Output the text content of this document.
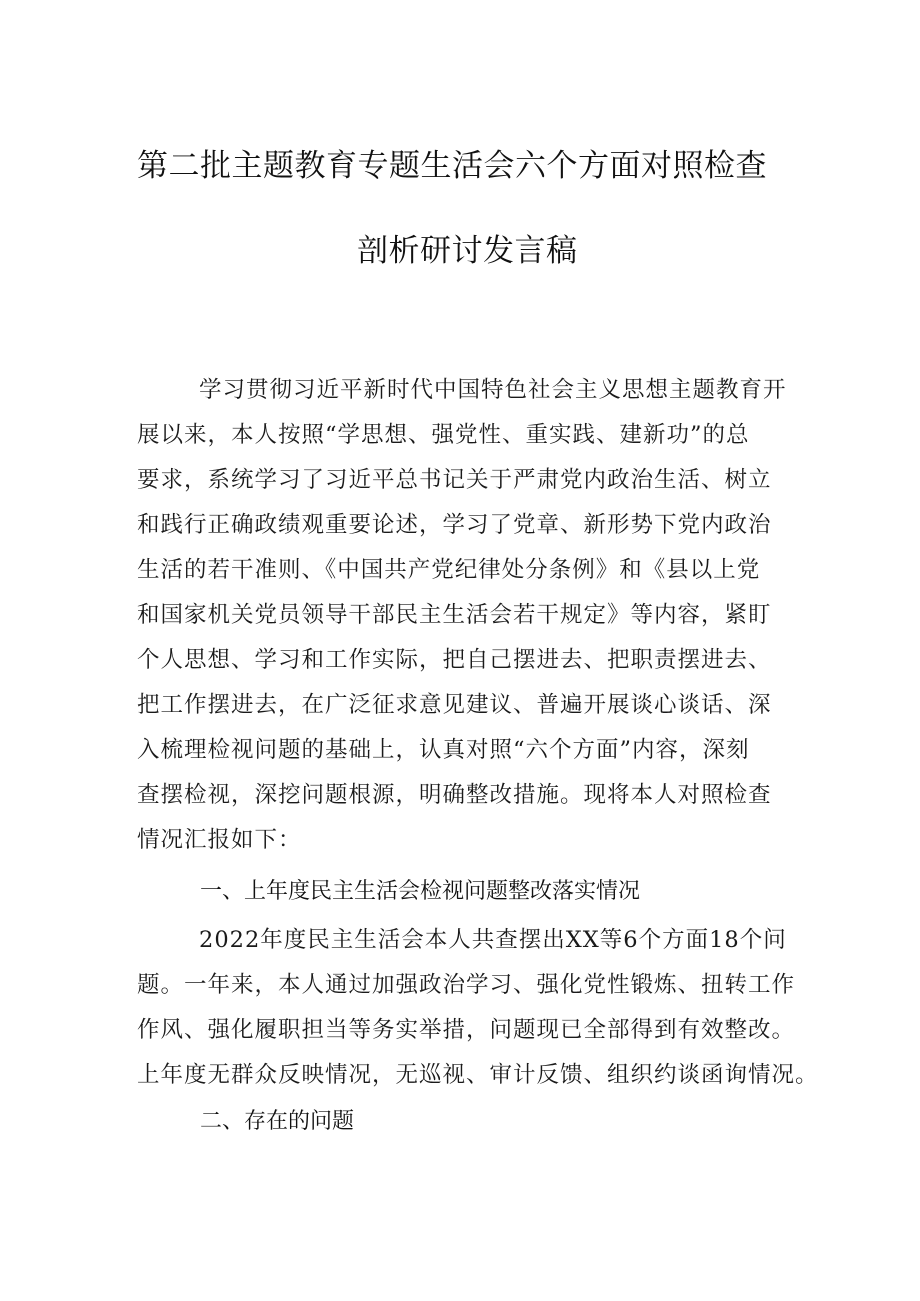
第二批主题教育专题生活会六个方面对照检查
剖析研讨发言稿
学习贯彻习近平新时代中国特色社会主义思想主题教育开
展以来，本人按照“学思想、强党性、重实践、建新功”的总
要求，系统学习了习近平总书记关于严肃党内政治生活、树立
和践行正确政绩观重要论述，学习了党章、新形势下党内政治
生活的若干准则、《中国共产党纪律处分条例》和《县以上党
和国家机关党员领导干部民主生活会若干规定》等内容，紧盯
个人思想、学习和工作实际，把自己摆进去、把职责摆进去、
把工作摆进去，在广泛征求意见建议、普遍开展谈心谈话、深
入梳理检视问题的基础上，认真对照“六个方面”内容，深刻
查摆检视，深挖问题根源，明确整改措施。现将本人对照检查
情况汇报如下：
一、上年度民主生活会检视问题整改落实情况
2022年度民主生活会本人共查摆出XX等6个方面18个问
题。一年来，本人通过加强政治学习、强化党性锻炼、扭转工作
作风、强化履职担当等务实举措，问题现已全部得到有效整改。
上年度无群众反映情况，无巡视、审计反馈、组织约谈函询情况。
二、存在的问题
